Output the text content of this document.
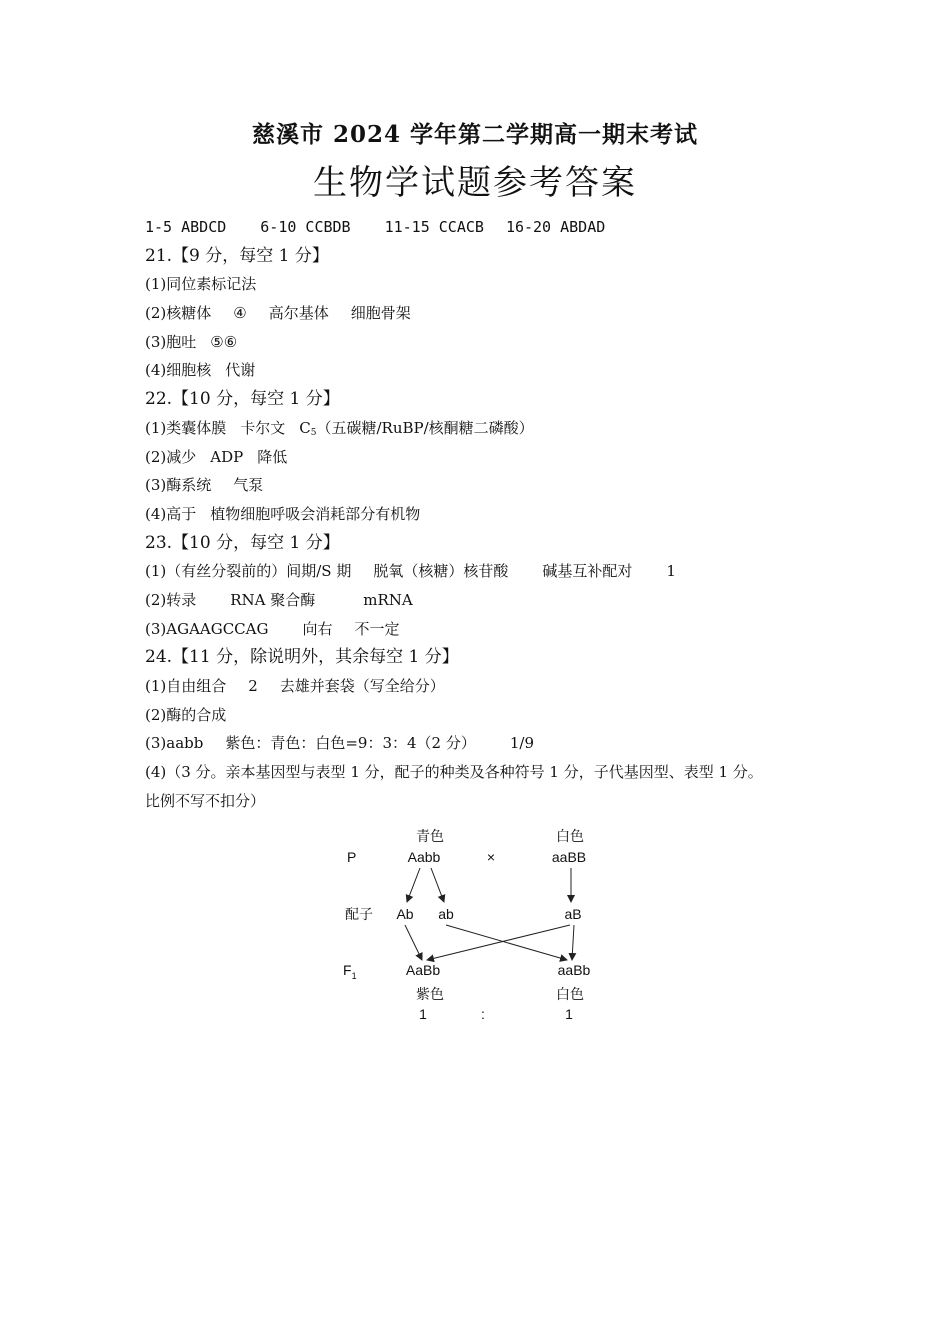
慈溪市 2024 学年第二学期高一期末考试
生物学试题参考答案
1-5 ABDCD 6-10 CCBDB 11-15 CCACB 16-20 ABDAD
21.【9 分，每空 1 分】
(1)同位素标记法
(2)核糖体 ④ 高尔基体 细胞骨架
(3)胞吐 ⑤⑥
(4)细胞核 代谢
22.【10 分，每空 1 分】
(1)类囊体膜 卡尔文 $C_5$（五碳糖/RuBP/核酮糖二磷酸）
(2)减少 ADP 降低
(3)酶系统 气泵
(4)高于 植物细胞呼吸会消耗部分有机物
23.【10 分，每空 1 分】
(1)（有丝分裂前的）间期/S 期 脱氧（核糖）核苷酸 碱基互补配对 1
(2)转录 RNA 聚合酶	mRNA
(3)AGAAGCCAG 向右 不一定
24.【11 分，除说明外，其余每空 1 分】
(1)自由组合 2 去雄并套袋（写全给分）
(2)酶的合成
(3)aabb 紫色：青色：白色=9：3：4（2 分） 1/9
(4)（3 分。亲本基因型与表型 1 分，配子的种类及各种符号 1 分，子代基因型、表型 1 分。
比例不写不扣分）
P
配子
$F_1$
青色
Aabb	×
白色
aaBB
Ab ab	aB
AaBb
紫色
1	:
aaBb
白色
1
